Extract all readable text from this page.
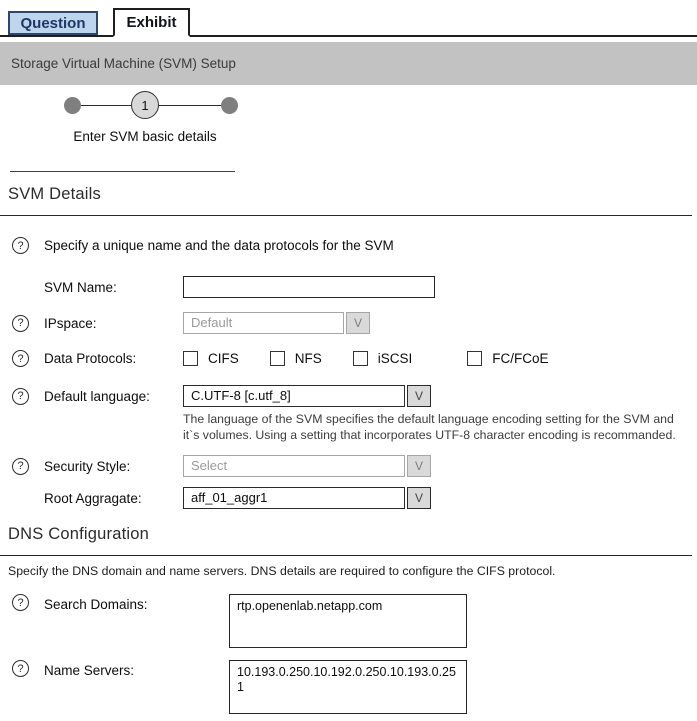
Question	Exhibit
Storage Virtual Machine (SVM) Setup
1
Enter SVM basic details
SVM Details
?	Specify a unique name and the data protocols for the SVM
SVM Name:
?	IPspace:	Default	V
?	Data Protocols:	CIFS	NFS	iSCSI	FC/FCoE
?	Default language:	C.UTF-8 [c.utf_8]	V
The language of the SVM specifies the default language encoding setting for the SVM and it`s volumes. Using a setting that incorporates UTF-8 character encoding is recommanded.
?	Security Style:	Select	V
Root Aggragate:	aff_01_aggr1	V
DNS Configuration
Specify the DNS domain and name servers. DNS details are required to configure the CIFS protocol.
?	Search Domains:
rtp.openenlab.netapp.com
?	Name Servers:
10.193.0.250.10.192.0.250.10.193.0.251
